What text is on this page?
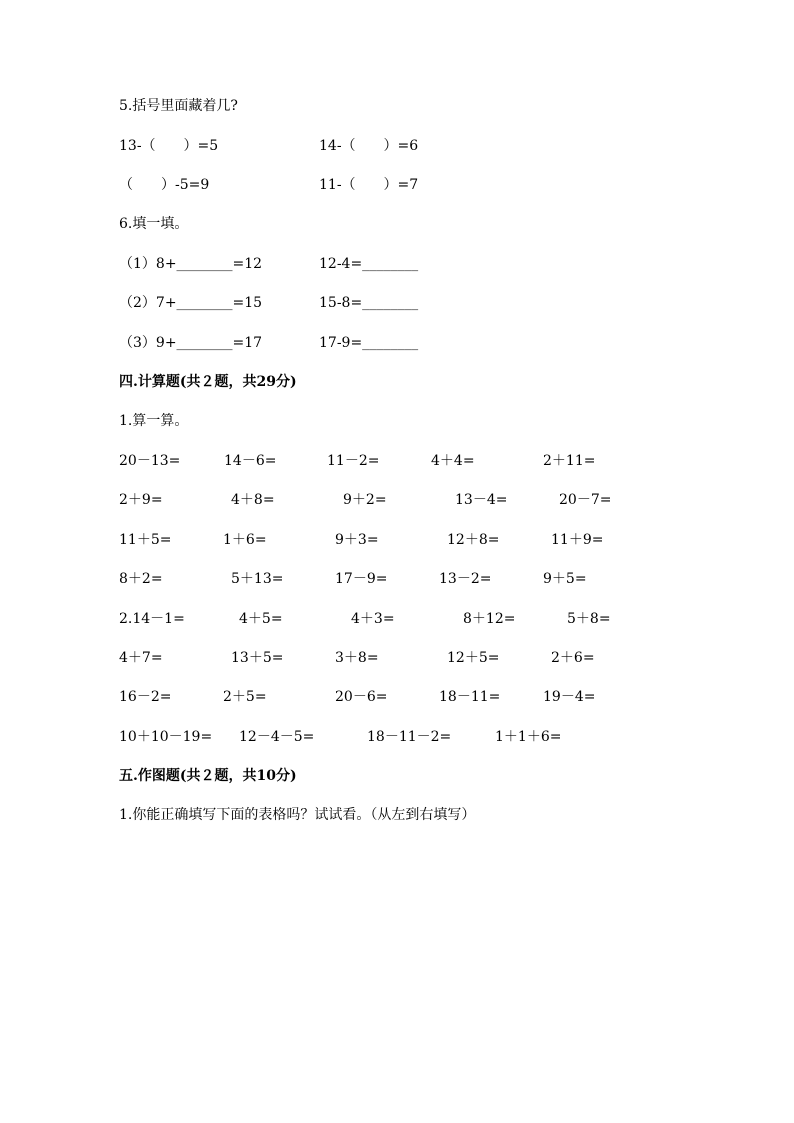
5.括号里面藏着几?
13-（　　）=5	14-（　　）=6
（　　）-5=9	11-（　　）=7
6.填一填。
（1）8+________=12	12-4=________
（2）7+________=15	15-8=________
（3）9+________=17	17-9=________
四.计算题(共２题，共29分)
1.算一算。
20－13=	14－6=	11－2=	4＋4=	2＋11=
2＋9=	4＋8=	9＋2=	13－4=	20－7=
11＋5=	1＋6=	9＋3=	12＋8=	11＋9=
8＋2=	5＋13=	17－9=	13－2=	9＋5=
2.14－1=	4＋5=	4＋3=	8＋12=	5＋8=
4＋7=	13＋5=	3＋8=	12＋5=	2＋6=
16－2=	2＋5=	20－6=	18－11=	19－4=
10＋10－19= 12－4－5=	18－11－2=	1＋1＋6=
五.作图题(共２题，共10分)
1.你能正确填写下面的表格吗？试试看。（从左到右填写）
